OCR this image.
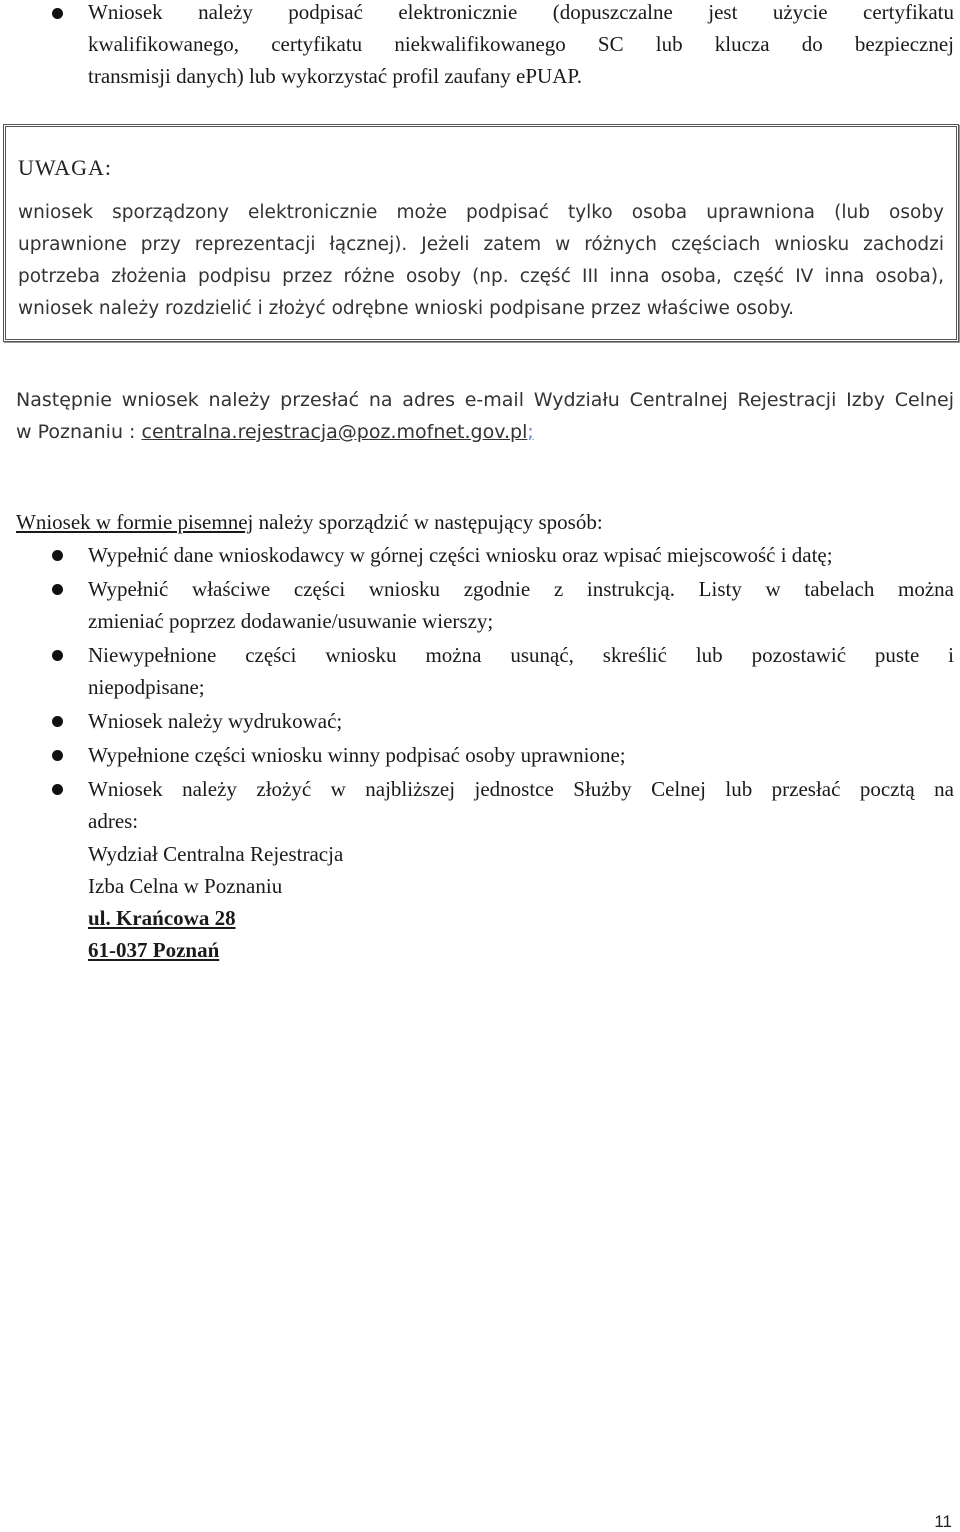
Wniosek należy podpisać elektronicznie (dopuszczalne jest użycie certyfikatu
kwalifikowanego, certyfikatu niekwalifikowanego SC lub klucza do bezpiecznej
transmisji danych) lub wykorzystać profil zaufany ePUAP.
UWAGA:
wniosek sporządzony elektronicznie może podpisać tylko osoba uprawniona (lub osoby
uprawnione przy reprezentacji łącznej). Jeżeli zatem w różnych częściach wniosku zachodzi
potrzeba złożenia podpisu przez różne osoby (np. część III inna osoba, część IV inna osoba),
wniosek należy rozdzielić i złożyć odrębne wnioski podpisane przez właściwe osoby.
Następnie wniosek należy przesłać na adres e-mail Wydziału Centralnej Rejestracji Izby Celnej
w Poznaniu : centralna.rejestracja@poz.mofnet.gov.pl;
Wniosek w formie pisemnej należy sporządzić w następujący sposób:
Wypełnić dane wnioskodawcy w górnej części wniosku oraz wpisać miejscowość i datę;
Wypełnić właściwe części wniosku zgodnie z instrukcją. Listy w tabelach można
zmieniać poprzez dodawanie/usuwanie wierszy;
Niewypełnione części wniosku można usunąć, skreślić lub pozostawić puste i
niepodpisane;
Wniosek należy wydrukować;
Wypełnione części wniosku winny podpisać osoby uprawnione;
Wniosek należy złożyć w najbliższej jednostce Służby Celnej lub przesłać pocztą na
adres:
Wydział Centralna Rejestracja
Izba Celna w Poznaniu
ul. Krańcowa 28
61-037 Poznań
11
